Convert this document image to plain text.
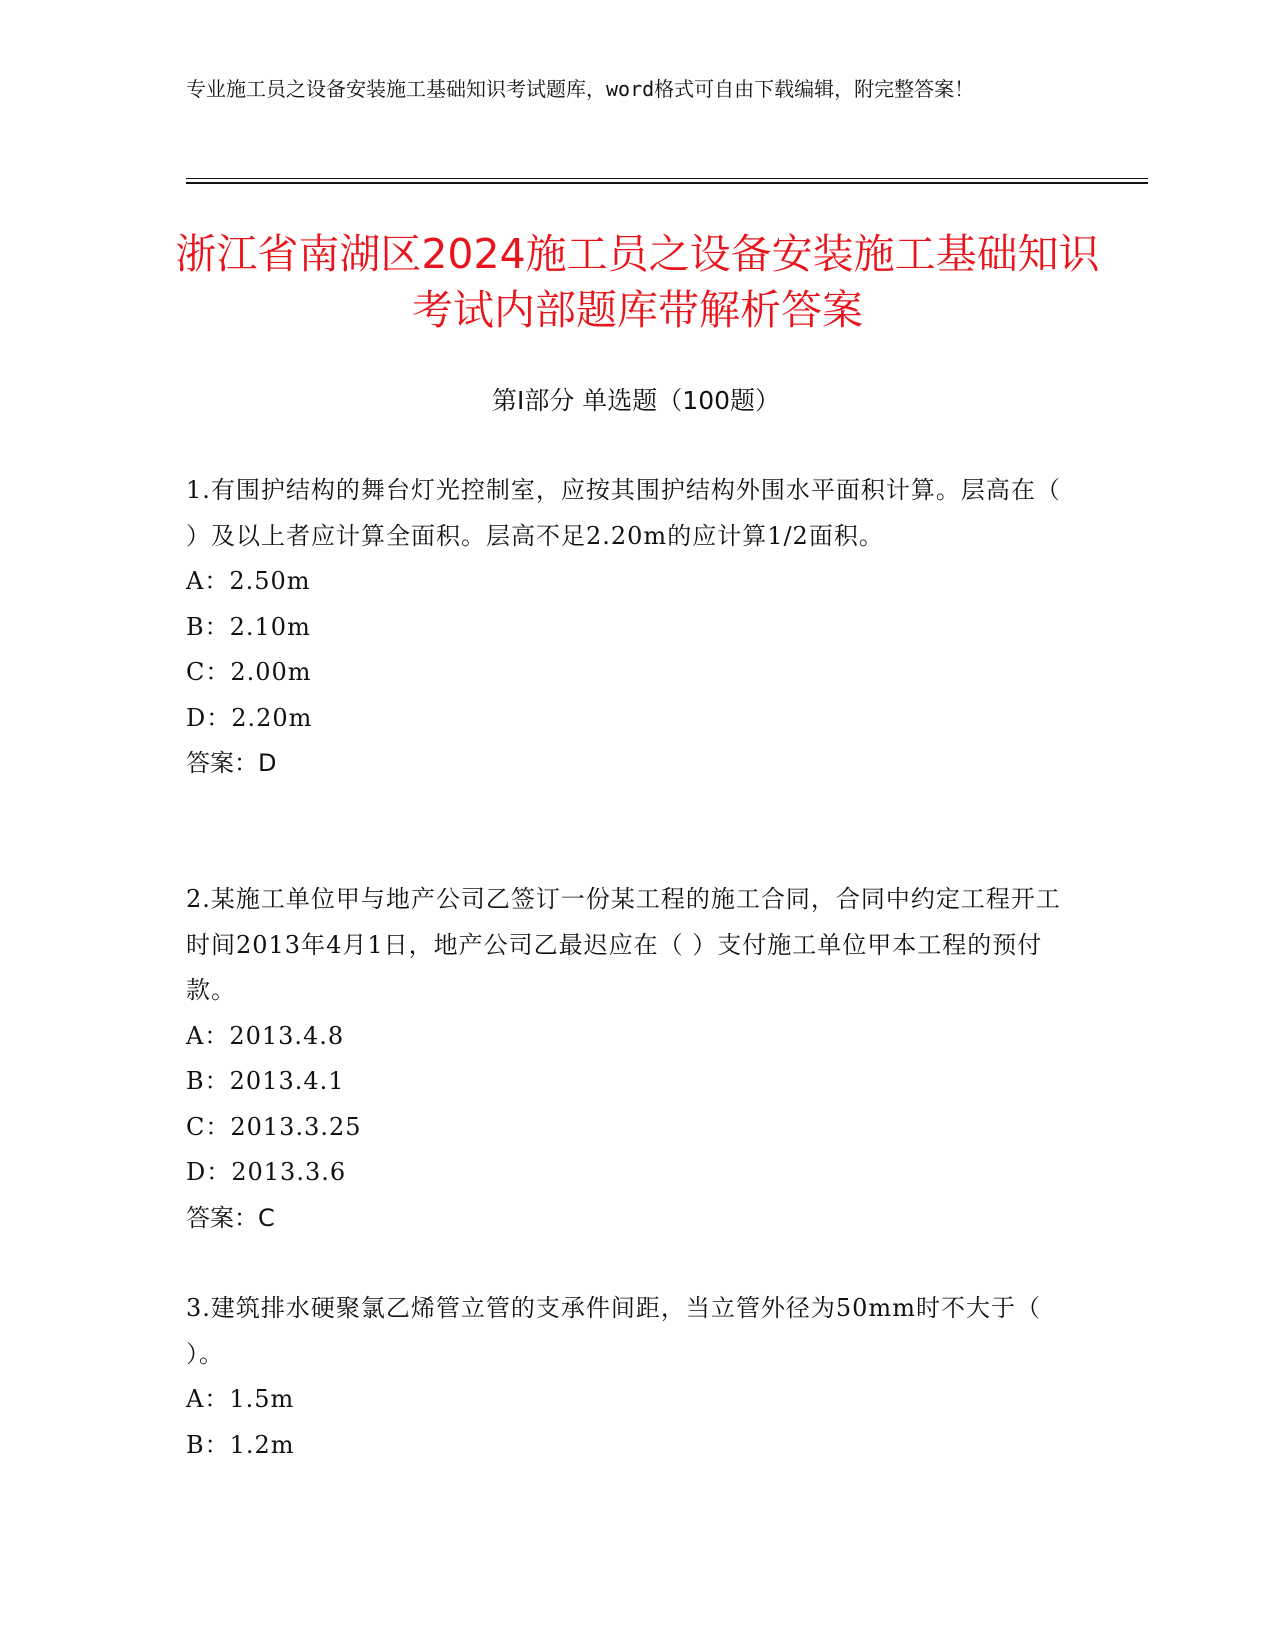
专业施工员之设备安装施工基础知识考试题库，word格式可自由下载编辑，附完整答案！
浙江省南湖区2024施工员之设备安装施工基础知识考试内部题库带解析答案
第Ⅰ部分 单选题（100题）
1.有围护结构的舞台灯光控制室，应按其围护结构外围水平面积计算。层高在（ ）及以上者应计算全面积。层高不足2.20m的应计算1/2面积。
A：2.50m
B：2.10m
C：2.00m
D：2.20m
答案：D
2.某施工单位甲与地产公司乙签订一份某工程的施工合同，合同中约定工程开工时间2013年4月1日，地产公司乙最迟应在（ ）支付施工单位甲本工程的预付款。
A：2013.4.8
B：2013.4.1
C：2013.3.25
D：2013.3.6
答案：C
3.建筑排水硬聚氯乙烯管立管的支承件间距，当立管外径为50mm时不大于（ ）。
A：1.5m
B：1.2m
